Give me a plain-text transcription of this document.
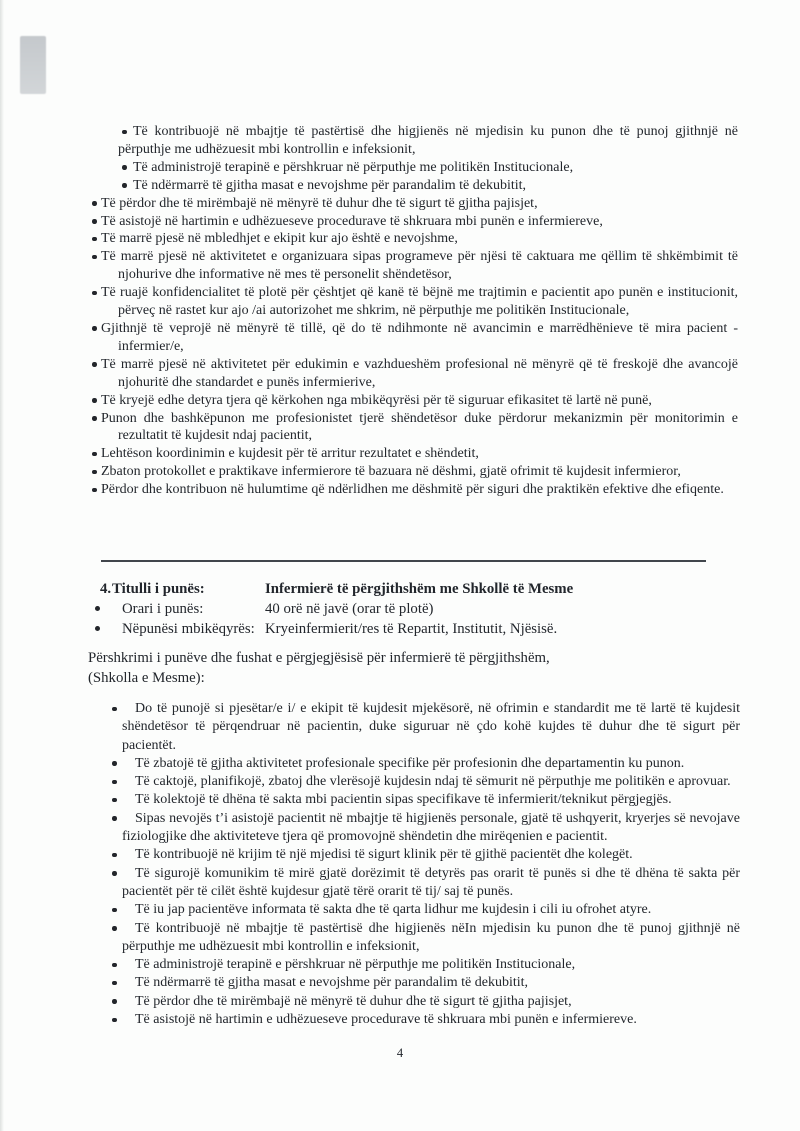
Të kontribuojë në mbajtje të pastërtisë dhe higjienës në mjedisin ku punon dhe të punoj gjithnjë në përputhje me udhëzuesit mbi kontrollin e infeksionit,
Të administrojë terapinë e përshkruar në përputhje me politikën Institucionale,
Të ndërmarrë të gjitha masat e nevojshme për parandalim të dekubitit,
Të përdor dhe të mirëmbajë në mënyrë të duhur dhe të sigurt të gjitha pajisjet,
Të asistojë në hartimin e udhëzueseve procedurave të shkruara mbi punën e infermiereve,
Të marrë pjesë në mbledhjet e ekipit kur ajo është e nevojshme,
Të marrë pjesë në aktivitetet e organizuara sipas programeve për njësi të caktuara me qëllim të shkëmbimit të njohurive dhe informative në mes të personelit shëndetësor,
Të ruajë konfidencialitet të plotë për çështjet që kanë të bëjnë me trajtimin e pacientit apo punën e institucionit, përveç në rastet kur ajo /ai autorizohet me shkrim, në përputhje me politikën Institucionale,
Gjithnjë të veprojë në mënyrë të tillë, që do të ndihmonte në avancimin e marrëdhënieve të mira pacient - infermier/e,
Të marrë pjesë në aktivitetet për edukimin e vazhdueshëm profesional në mënyrë që të freskojë dhe avancojë njohuritë dhe standardet e punës infermierive,
Të kryejë edhe detyra tjera që kërkohen nga mbikëqyrësi për të siguruar efikasitet të lartë në punë,
Punon dhe bashkëpunon me profesionistet tjerë shëndetësor duke përdorur mekanizmin për monitorimin e rezultatit të kujdesit ndaj pacientit,
Lehtëson koordinimin e kujdesit për të arritur rezultatet e shëndetit,
Zbaton protokollet e praktikave infermierore të bazuara në dëshmi, gjatë ofrimit të kujdesit infermieror,
Përdor dhe kontribuon në hulumtime që ndërlidhen me dëshmitë për siguri dhe praktikën efektive dhe efiqente.
4. Titulli i punës:	Infermierë të përgjithshëm me Shkollë të Mesme
Orari i punës:	40 orë në javë (orar të plotë)
Nëpunësi mbikëqyrës: Kryeinfermierit/res të Repartit, Institutit, Njësisë.
Përshkrimi i punëve dhe fushat e përgjegjësisë për infermierë të përgjithshëm,
(Shkolla e Mesme):
Do të punojë si pjesëtar/e i/ e ekipit të kujdesit mjekësorë, në ofrimin e standardit me të lartë të kujdesit shëndetësor të përqendruar në pacientin, duke siguruar në çdo kohë kujdes të duhur dhe të sigurt për pacientët.
Të zbatojë të gjitha aktivitetet profesionale specifike për profesionin dhe departamentin ku punon.
Të caktojë, planifikojë, zbatoj dhe vlerësojë kujdesin ndaj të sëmurit në përputhje me politikën e aprovuar.
Të kolektojë të dhëna të sakta mbi pacientin sipas specifikave të infermierit/teknikut përgjegjës.
Sipas nevojës t’i asistojë pacientit në mbajtje të higjienës personale, gjatë të ushqyerit, kryerjes së nevojave fiziologjike dhe aktiviteteve tjera që promovojnë shëndetin dhe mirëqenien e pacientit.
Të kontribuojë në krijim të një mjedisi të sigurt klinik për të gjithë pacientët dhe kolegët.
Të sigurojë komunikim të mirë gjatë dorëzimit të detyrës pas orarit të punës si dhe të dhëna të sakta për pacientët për të cilët është kujdesur gjatë tërë orarit të tij/ saj të punës.
Të iu jap pacientëve informata të sakta dhe të qarta lidhur me kujdesin i cili iu ofrohet atyre.
Të kontribuojë në mbajtje të pastërtisë dhe higjienës nëIn mjedisin ku punon dhe të punoj gjithnjë në përputhje me udhëzuesit mbi kontrollin e infeksionit,
Të administrojë terapinë e përshkruar në përputhje me politikën Institucionale,
Të ndërmarrë të gjitha masat e nevojshme për parandalim të dekubitit,
Të përdor dhe të mirëmbajë në mënyrë të duhur dhe të sigurt të gjitha pajisjet,
Të asistojë në hartimin e udhëzueseve procedurave të shkruara mbi punën e infermiereve.
4
